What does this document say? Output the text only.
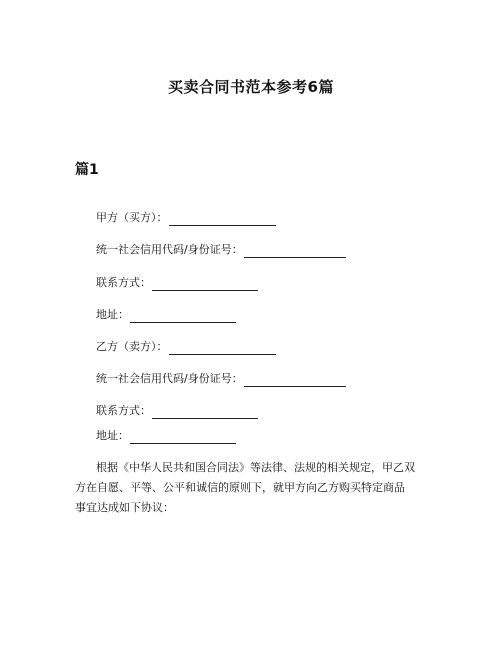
买卖合同书范本参考6篇
篇1
甲方（买方）：
统一社会信用代码/身份证号：
联系方式：
地址：
乙方（卖方）：
统一社会信用代码/身份证号：
联系方式：
地址：
根据《中华人民共和国合同法》等法律、法规的相关规定，甲乙双
方在自愿、平等、公平和诚信的原则下，就甲方向乙方购买特定商品
事宜达成如下协议：
